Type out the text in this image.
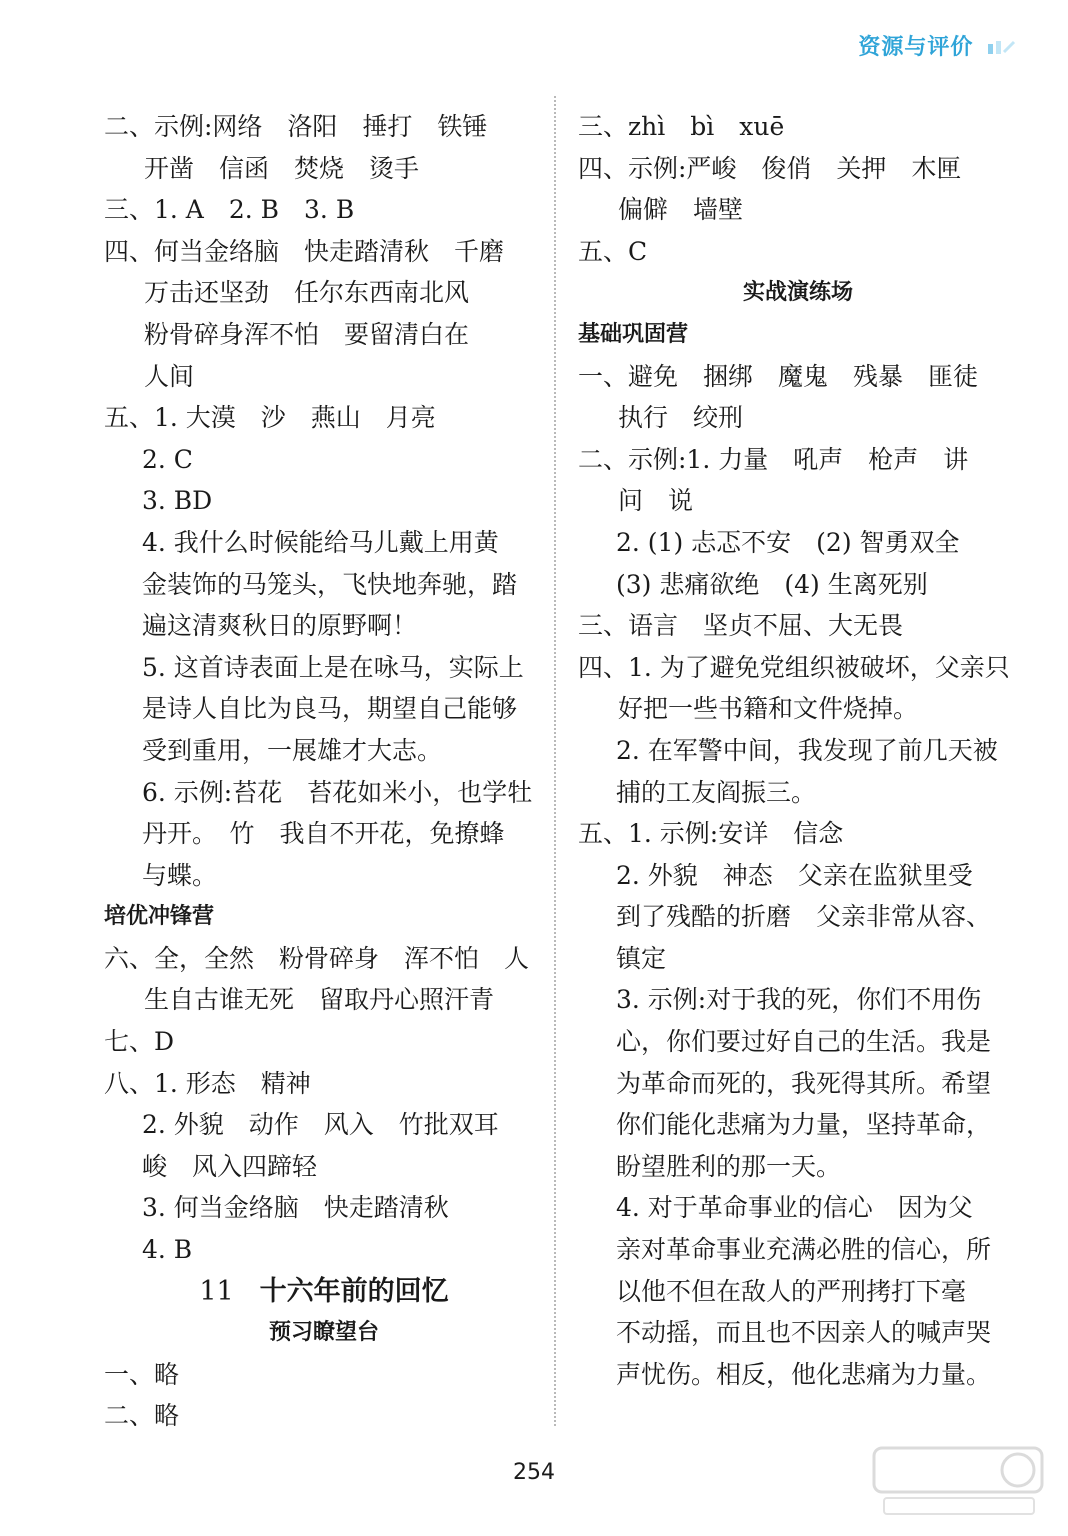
资源与评价
二、示例:网络　洛阳　捶打　铁锤
开凿　信函　焚烧　烫手
三、1. A　2. B　3. B
四、何当金络脑　快走踏清秋　千磨
万击还坚劲　任尔东西南北风
粉骨碎身浑不怕　要留清白在
人间
五、1. 大漠　沙　燕山　月亮
2. C
3. BD
4. 我什么时候能给马儿戴上用黄
金装饰的马笼头，飞快地奔驰，踏
遍这清爽秋日的原野啊！
5. 这首诗表面上是在咏马，实际上
是诗人自比为良马，期望自己能够
受到重用，一展雄才大志。
6. 示例:苔花　苔花如米小，也学牡
丹开。　竹　我自不开花，免撩蜂
与蝶。
培优冲锋营
六、全，全然　粉骨碎身　浑不怕　人
生自古谁无死　留取丹心照汗青
七、D
八、1. 形态　精神
2. 外貌　动作　风入　竹批双耳
峻　风入四蹄轻
3. 何当金络脑　快走踏清秋
4. B
11 十六年前的回忆
预习瞭望台
一、略
二、略
三、zhì　bì　xuē
四、示例:严峻　俊俏　关押　木匣
偏僻　墙壁
五、C
实战演练场
基础巩固营
一、避免　捆绑　魔鬼　残暴　匪徒
执行　绞刑
二、示例:1. 力量　吼声　枪声　讲
问　说
2. (1) 忐忑不安　(2) 智勇双全
(3) 悲痛欲绝　(4) 生离死别
三、语言　坚贞不屈、大无畏
四、1. 为了避免党组织被破坏，父亲只
好把一些书籍和文件烧掉。
2. 在军警中间，我发现了前几天被
捕的工友阎振三。
五、1. 示例:安详　信念
2. 外貌　神态　父亲在监狱里受
到了残酷的折磨　父亲非常从容、
镇定
3. 示例:对于我的死，你们不用伤
心，你们要过好自己的生活。我是
为革命而死的，我死得其所。希望
你们能化悲痛为力量，坚持革命，
盼望胜利的那一天。
4. 对于革命事业的信心　因为父
亲对革命事业充满必胜的信心，所
以他不但在敌人的严刑拷打下毫
不动摇，而且也不因亲人的喊声哭
声忧伤。相反，他化悲痛为力量。
254
